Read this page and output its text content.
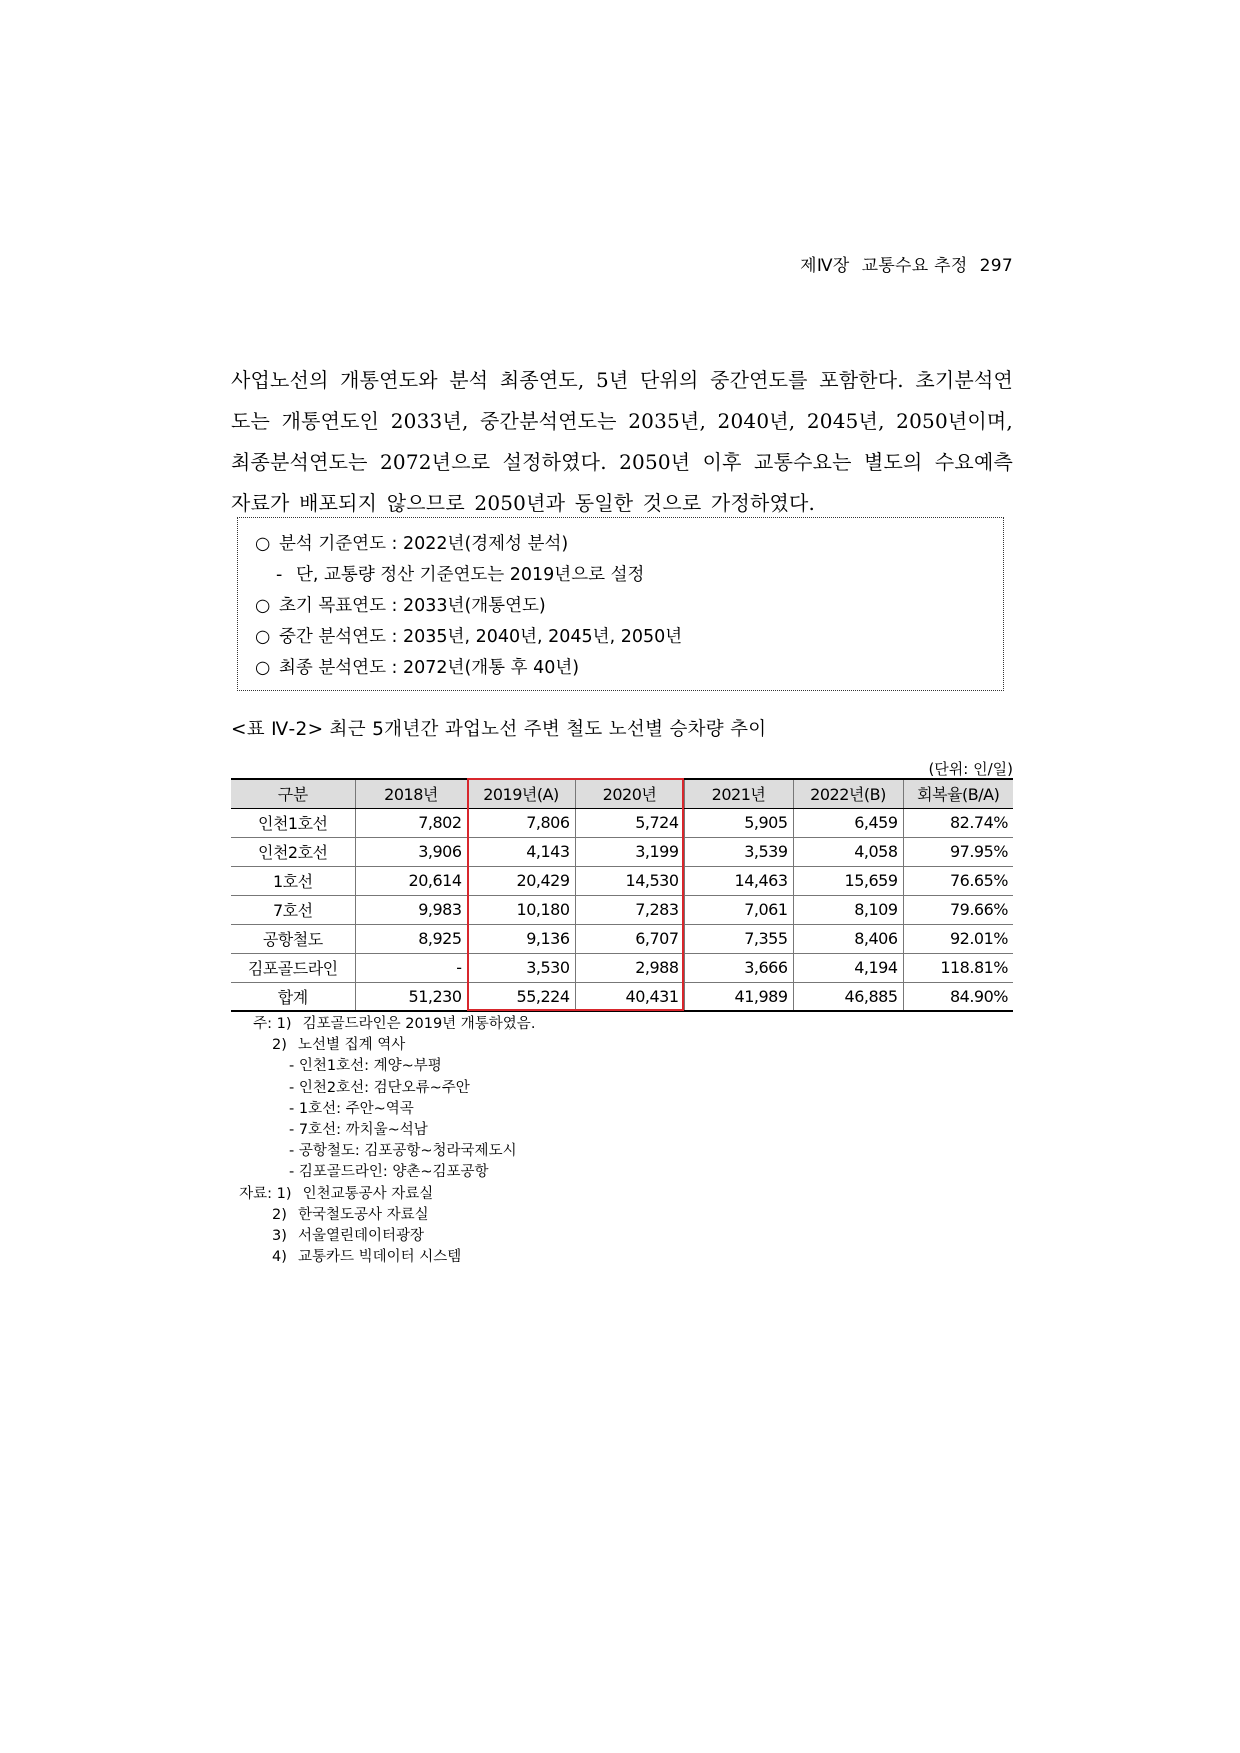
제Ⅳ장 교통수요 추정 297
사업노선의 개통연도와 분석 최종연도, 5년 단위의 중간연도를 포함한다. 초기분석연도는 개통연도인 2033년, 중간분석연도는 2035년, 2040년, 2045년, 2050년이며, 최종분석연도는 2072년으로 설정하였다. 2050년 이후 교통수요는 별도의 수요예측 자료가 배포되지 않으므로 2050년과 동일한 것으로 가정하였다.
○ 분석 기준연도 : 2022년(경제성 분석)
- 단, 교통량 정산 기준연도는 2019년으로 설정
○ 초기 목표연도 : 2033년(개통연도)
○ 중간 분석연도 : 2035년, 2040년, 2045년, 2050년
○ 최종 분석연도 : 2072년(개통 후 40년)
<표 Ⅳ-2> 최근 5개년간 과업노선 주변 철도 노선별 승차량 추이
(단위: 인/일)
구분	2018년	2019년(A)	2020년	2021년	2022년(B)	회복율(B/A)
인천1호선	7,802	7,806	5,724	5,905	6,459	82.74%
인천2호선	3,906	4,143	3,199	3,539	4,058	97.95%
1호선	20,614	20,429	14,530	14,463	15,659	76.65%
7호선	9,983	10,180	7,283	7,061	8,109	79.66%
공항철도	8,925	9,136	6,707	7,355	8,406	92.01%
김포골드라인	-	3,530	2,988	3,666	4,194	118.81%
합계	51,230	55,224	40,431	41,989	46,885	84.90%
주: 1) 김포골드라인은 2019년 개통하였음.
2) 노선별 집계 역사
- 인천1호선: 계양~부평
- 인천2호선: 검단오류~주안
- 1호선: 주안~역곡
- 7호선: 까치울~석남
- 공항철도: 김포공항~청라국제도시
- 김포골드라인: 양촌~김포공항
자료: 1) 인천교통공사 자료실
2) 한국철도공사 자료실
3) 서울열린데이터광장
4) 교통카드 빅데이터 시스템
